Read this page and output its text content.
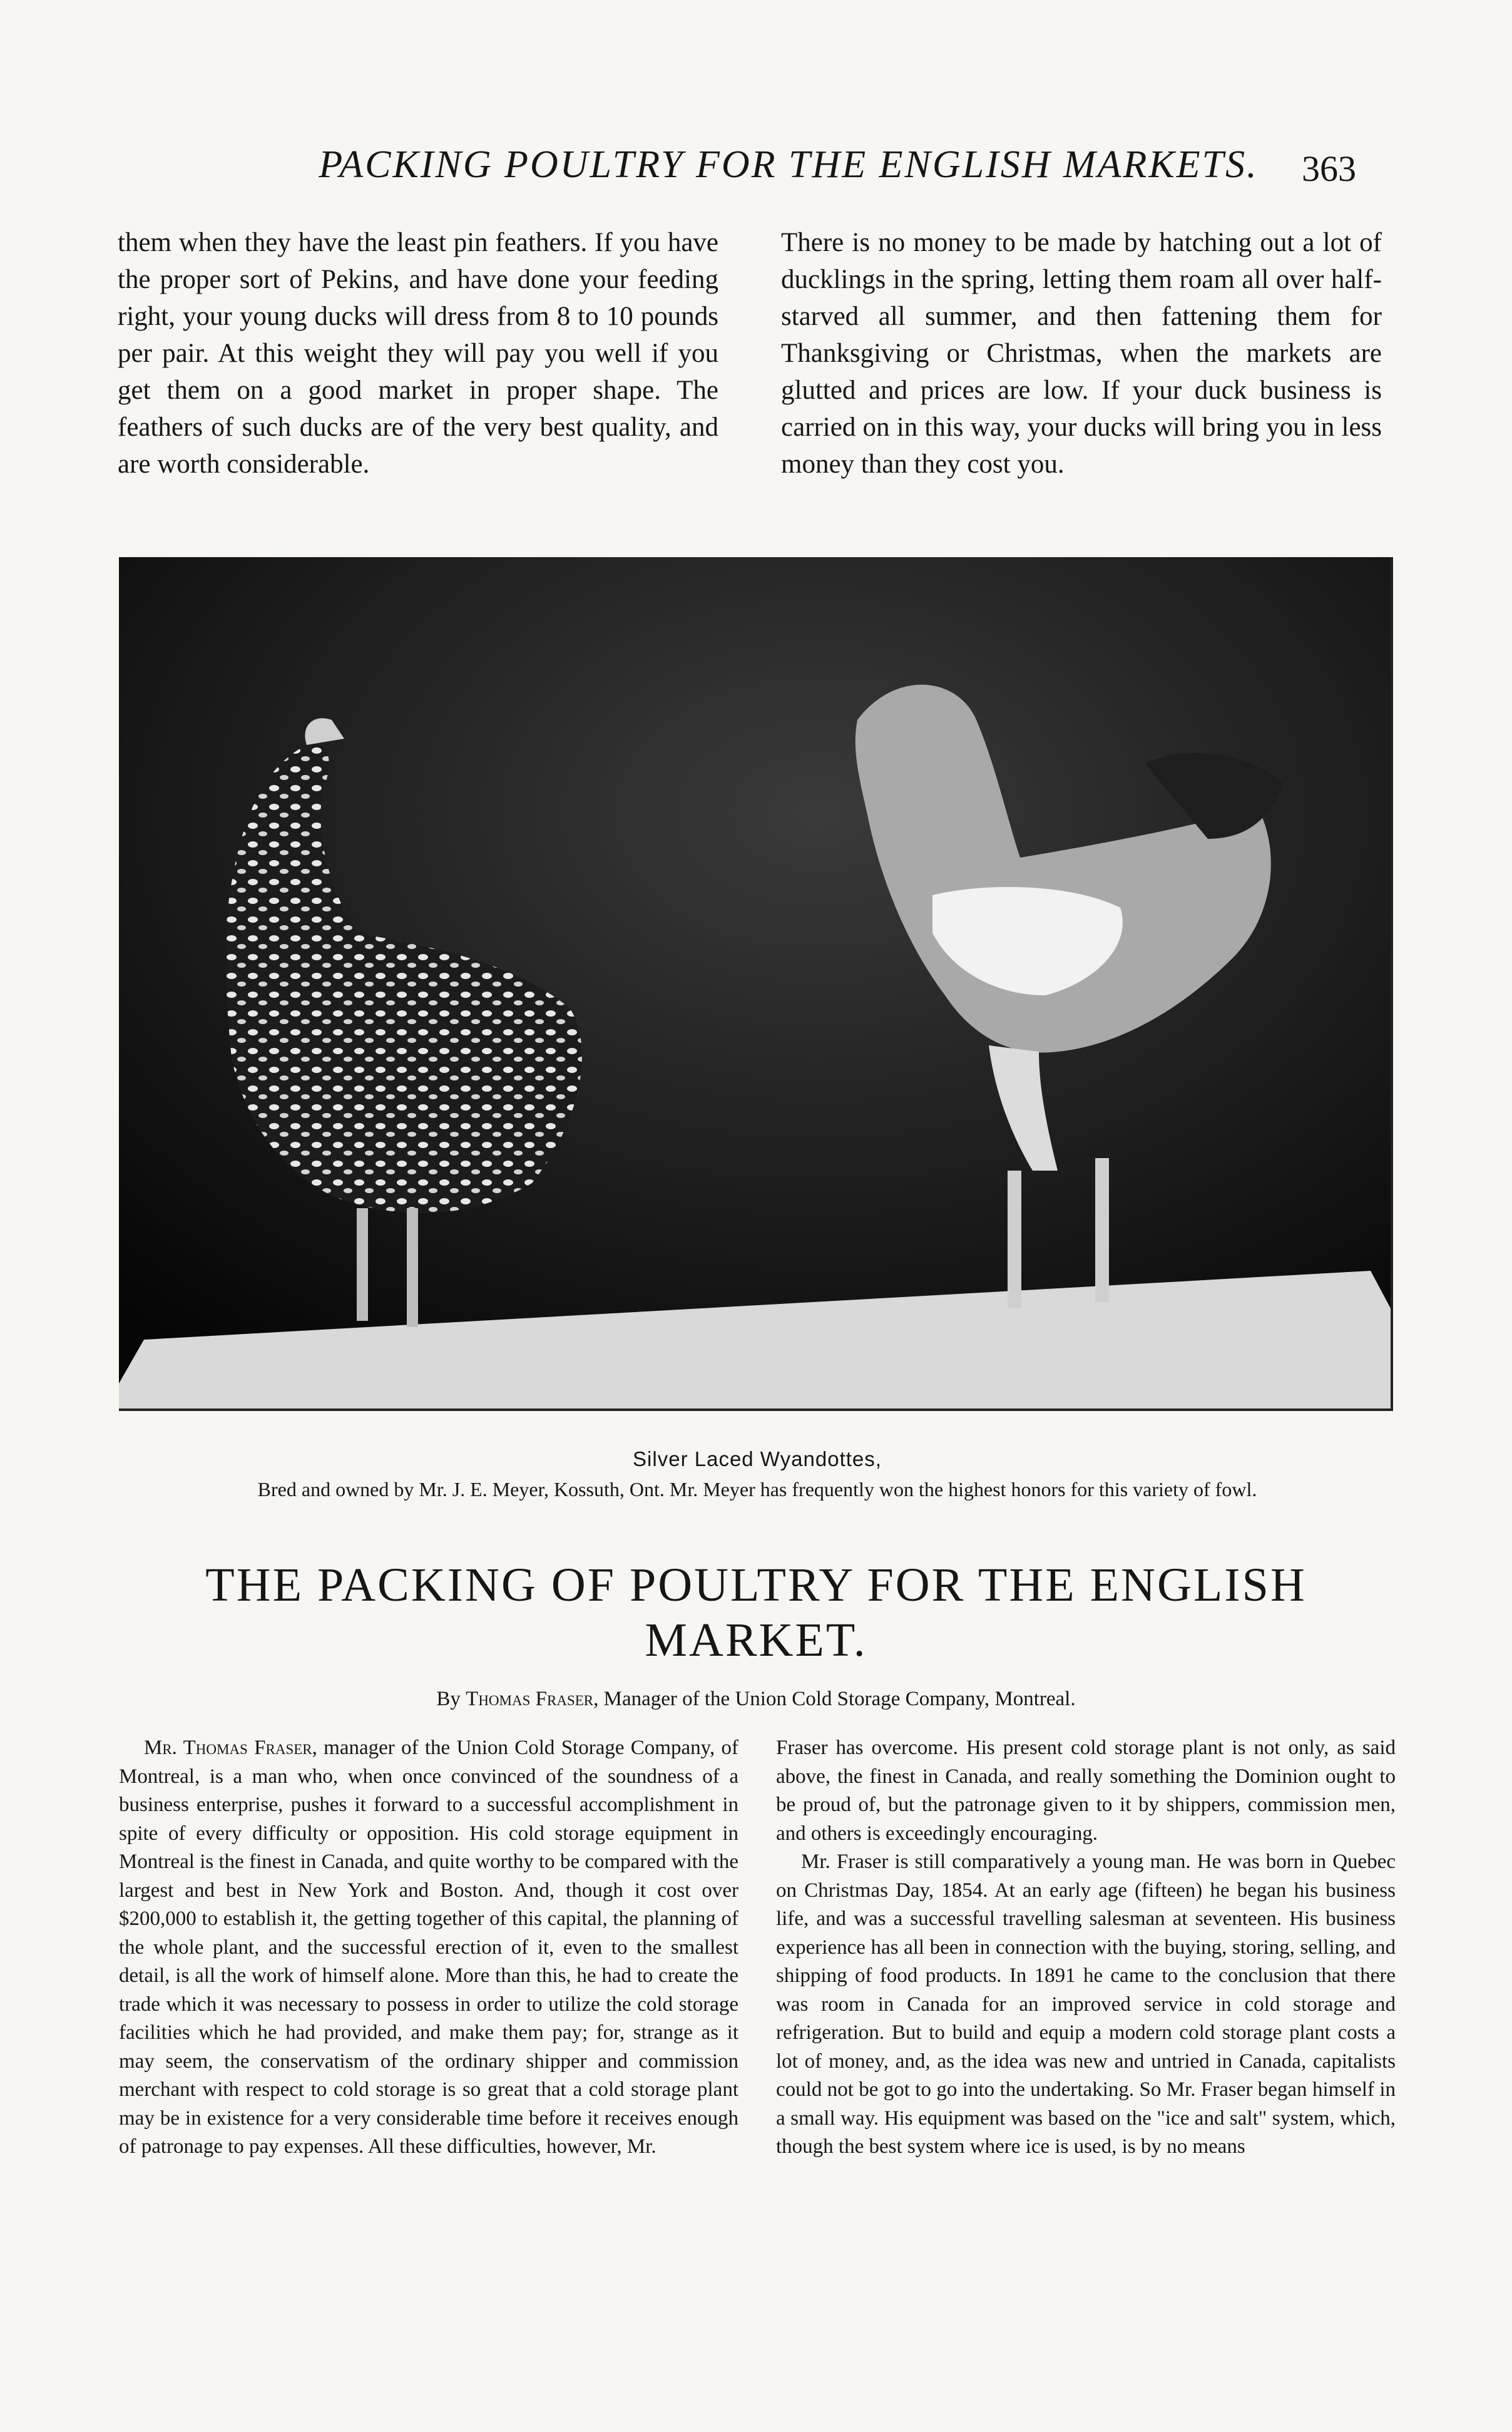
PACKING POULTRY FOR THE ENGLISH MARKETS.	363

them when they have the least pin feathers. If you have the proper sort of Pekins, and have done your feeding right, your young ducks will dress from 8 to 10 pounds per pair. At this weight they will pay you well if you get them on a good market in proper shape. The feathers of such ducks are of the very best quality, and are worth considerable.

There is no money to be made by hatching out a lot of ducklings in the spring, letting them roam all over half-starved all summer, and then fattening them for Thanksgiving or Christmas, when the markets are glutted and prices are low. If your duck business is carried on in this way, your ducks will bring you in less money than they cost you.

Silver Laced Wyandottes,
Bred and owned by Mr. J. E. Meyer, Kossuth, Ont. Mr. Meyer has frequently won the highest honors for this variety of fowl.
THE PACKING OF POULTRY FOR THE ENGLISH MARKET.
By Thomas Fraser, Manager of the Union Cold Storage Company, Montreal.

Mr. Thomas Fraser, manager of the Union Cold Storage Company, of Montreal, is a man who, when once convinced of the soundness of a business enterprise, pushes it forward to a successful accomplishment in spite of every difficulty or opposition. His cold storage equipment in Montreal is the finest in Canada, and quite worthy to be compared with the largest and best in New York and Boston. And, though it cost over $200,000 to establish it, the getting together of this capital, the planning of the whole plant, and the successful erection of it, even to the smallest detail, is all the work of himself alone. More than this, he had to create the trade which it was necessary to possess in order to utilize the cold storage facilities which he had provided, and make them pay; for, strange as it may seem, the conservatism of the ordinary shipper and commission merchant with respect to cold storage is so great that a cold storage plant may be in existence for a very considerable time before it receives enough of patronage to pay expenses. All these difficulties, however, Mr.

Fraser has overcome. His present cold storage plant is not only, as said above, the finest in Canada, and really something the Dominion ought to be proud of, but the patronage given to it by shippers, commission men, and others is exceedingly encouraging.

Mr. Fraser is still comparatively a young man. He was born in Quebec on Christmas Day, 1854. At an early age (fifteen) he began his business life, and was a successful travelling salesman at seventeen. His business experience has all been in connection with the buying, storing, selling, and shipping of food products. In 1891 he came to the conclusion that there was room in Canada for an improved service in cold storage and refrigeration. But to build and equip a modern cold storage plant costs a lot of money, and, as the idea was new and untried in Canada, capitalists could not be got to go into the undertaking. So Mr. Fraser began himself in a small way. His equipment was based on the "ice and salt" system, which, though the best system where ice is used, is by no means
